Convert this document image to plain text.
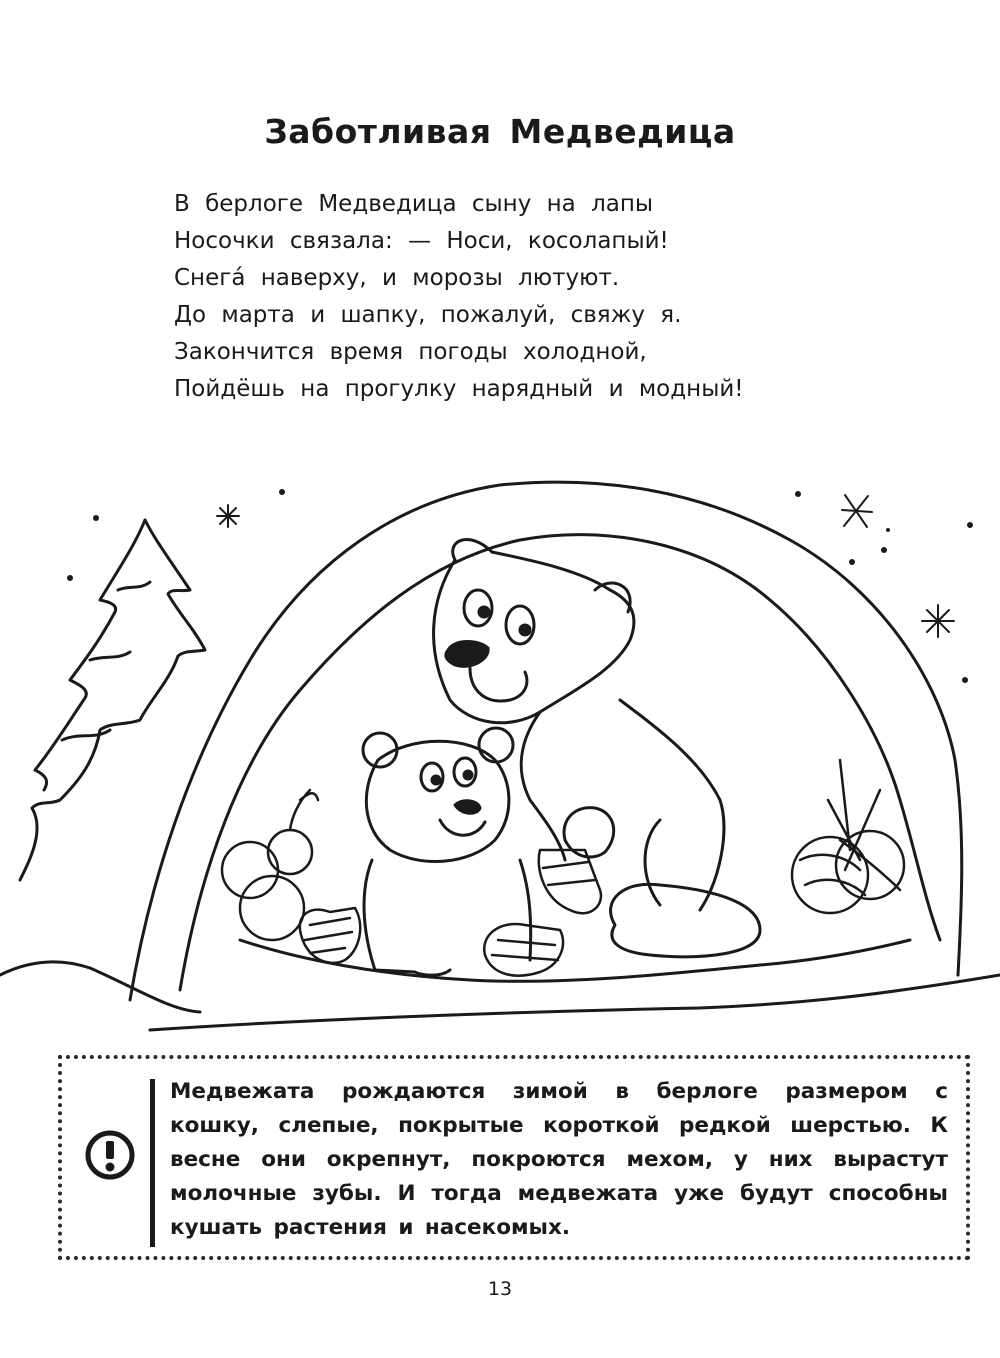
Заботливая Медведица
В берлоге Медведица сыну на лапы
Носочки связала: — Носи, косолапый!
Снега́ наверху, и морозы лютуют.
До марта и шапку, пожалуй, свяжу я.
Закончится время погоды холодной,
Пойдёшь на прогулку нарядный и модный!

Медвежата рождаются зимой в берлоге размером с кошку, слепые, покрытые короткой редкой шерстью. К весне они окрепнут, покроются мехом, у них вырастут молочные зубы. И тогда медвежата уже будут способны кушать растения и насекомых.

13
